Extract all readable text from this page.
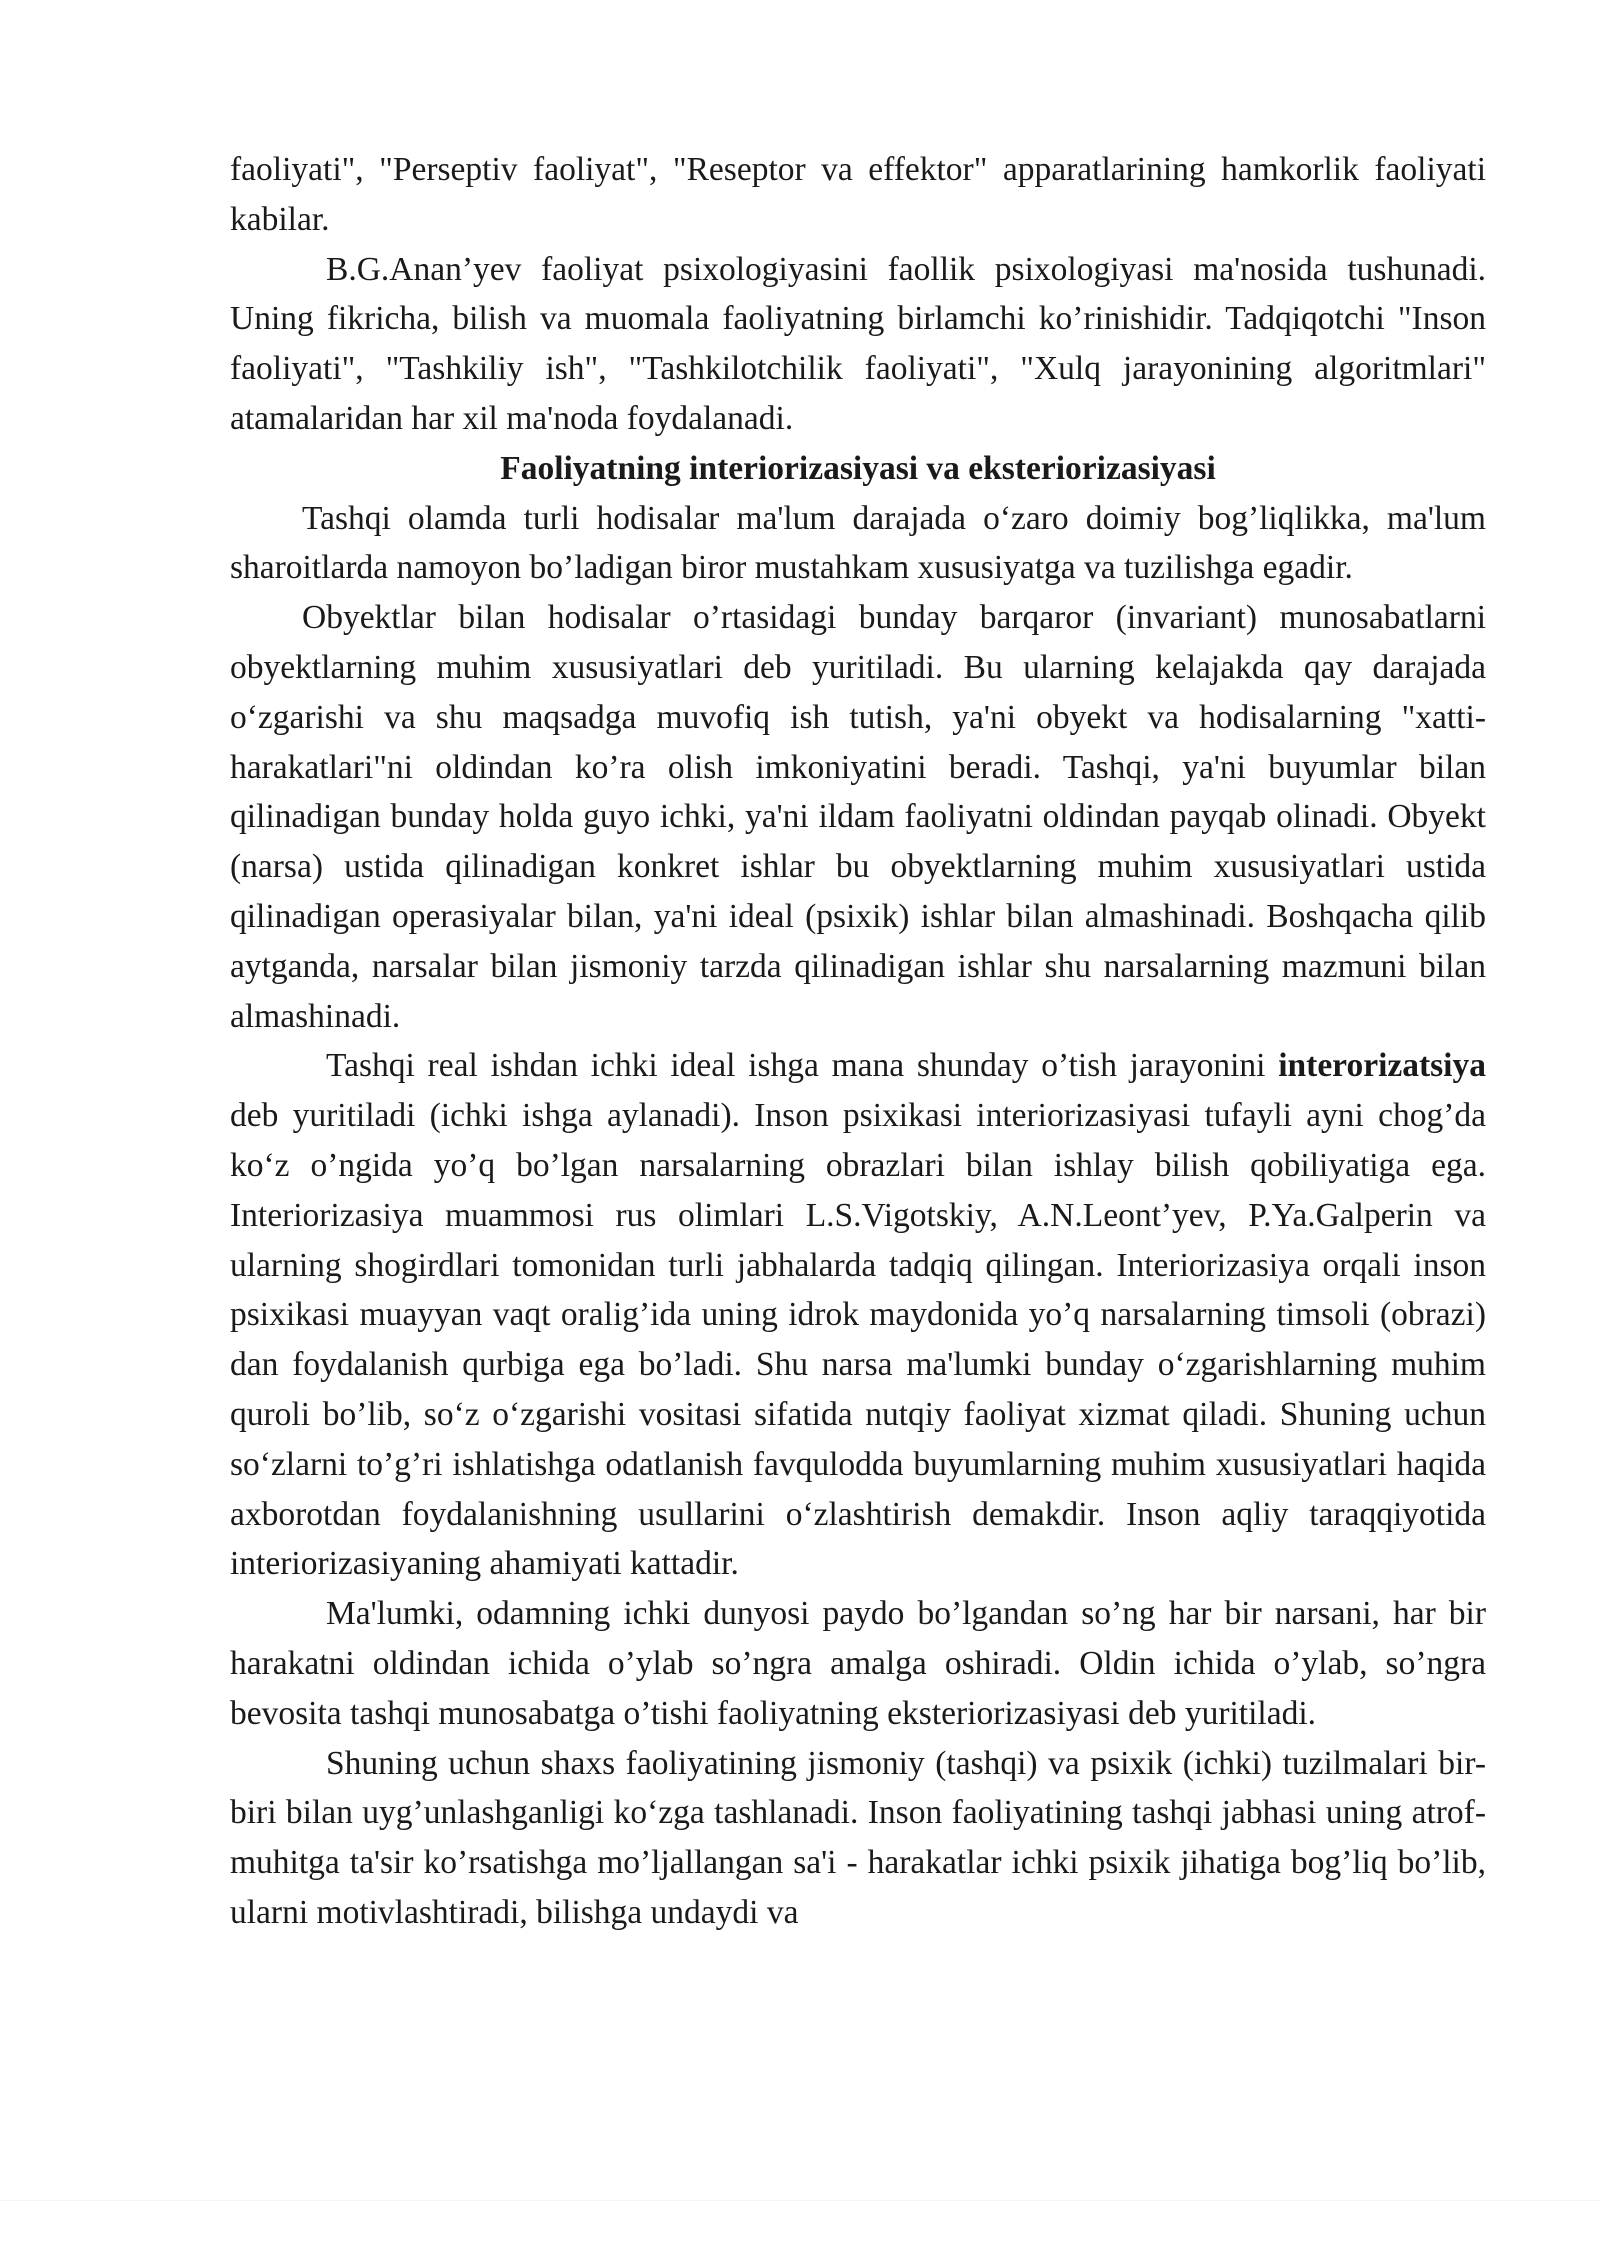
faoliyati", "Perseptiv faoliyat", "Reseptor va effektor" apparatlarining hamkorlik faoliyati kabilar.

B.G.Anan’yev faoliyat psixologiyasini faollik psixologiyasi ma'nosida tushunadi. Uning fikricha, bilish va muomala faoliyatning birlamchi ko’rinishidir. Tadqiqotchi "Inson faoliyati", "Tashkiliy ish", "Tashkilotchilik faoliyati", "Xulq jarayonining algoritmlari" atamalaridan har xil ma'noda foydalanadi.

Faoliyatning interiorizasiyasi va eksteriorizasiyasi

Tashqi olamda turli hodisalar ma'lum darajada o‘zaro doimiy bog’liqlikka, ma'lum sharoitlarda namoyon bo’ladigan biror mustahkam xususiyatga va tuzilishga egadir.

Obyektlar bilan hodisalar o’rtasidagi bunday barqaror (invariant) munosabatlarni obyektlarning muhim xususiyatlari deb yuritiladi. Bu ularning kelajakda qay darajada o‘zgarishi va shu maqsadga muvofiq ish tutish, ya'ni obyekt va hodisalarning "xatti-harakatlari"ni oldindan ko’ra olish imkoniyatini beradi. Tashqi, ya'ni buyumlar bilan qilinadigan bunday holda guyo ichki, ya'ni ildam faoliyatni oldindan payqab olinadi. Obyekt (narsa) ustida qilinadigan konkret ishlar bu obyektlarning muhim xususiyatlari ustida qilinadigan operasiyalar bilan, ya'ni ideal (psixik) ishlar bilan almashinadi. Boshqacha qilib aytganda, narsalar bilan jismoniy tarzda qilinadigan ishlar shu narsalarning mazmuni bilan almashinadi.

Tashqi real ishdan ichki ideal ishga mana shunday o’tish jarayonini interorizatsiya deb yuritiladi (ichki ishga aylanadi). Inson psixikasi interiorizasiyasi tufayli ayni chog’da ko‘z o’ngida yo’q bo’lgan narsalarning obrazlari bilan ishlay bilish qobiliyatiga ega. Interiorizasiya muammosi rus olimlari L.S.Vigotskiy, A.N.Leont’yev, P.Ya.Galperin va ularning shogirdlari tomonidan turli jabhalarda tadqiq qilingan. Interiorizasiya orqali inson psixikasi muayyan vaqt oralig’ida uning idrok maydonida yo’q narsalarning timsoli (obrazi) dan foydalanish qurbiga ega bo’ladi. Shu narsa ma'lumki bunday o‘zgarishlarning muhim quroli bo’lib, so‘z o‘zgarishi vositasi sifatida nutqiy faoliyat xizmat qiladi. Shuning uchun so‘zlarni to’g’ri ishlatishga odatlanish favqulodda buyumlarning muhim xususiyatlari haqida axborotdan foydalanishning usullarini o‘zlashtirish demakdir. Inson aqliy taraqqiyotida interiorizasiyaning ahamiyati kattadir.

Ma'lumki, odamning ichki dunyosi paydo bo’lgandan so’ng har bir narsani, har bir harakatni oldindan ichida o’ylab so’ngra amalga oshiradi. Oldin ichida o’ylab, so’ngra bevosita tashqi munosabatga o’tishi faoliyatning eksteriorizasiyasi deb yuritiladi.

Shuning uchun shaxs faoliyatining jismoniy (tashqi) va psixik (ichki) tuzilmalari bir-biri bilan uyg’unlashganligi ko‘zga tashlanadi. Inson faoliyatining tashqi jabhasi uning atrof-muhitga ta'sir ko’rsatishga mo’ljallangan sa'i - harakatlar ichki psixik jihatiga bog’liq bo’lib, ularni motivlashtiradi, bilishga undaydi va
